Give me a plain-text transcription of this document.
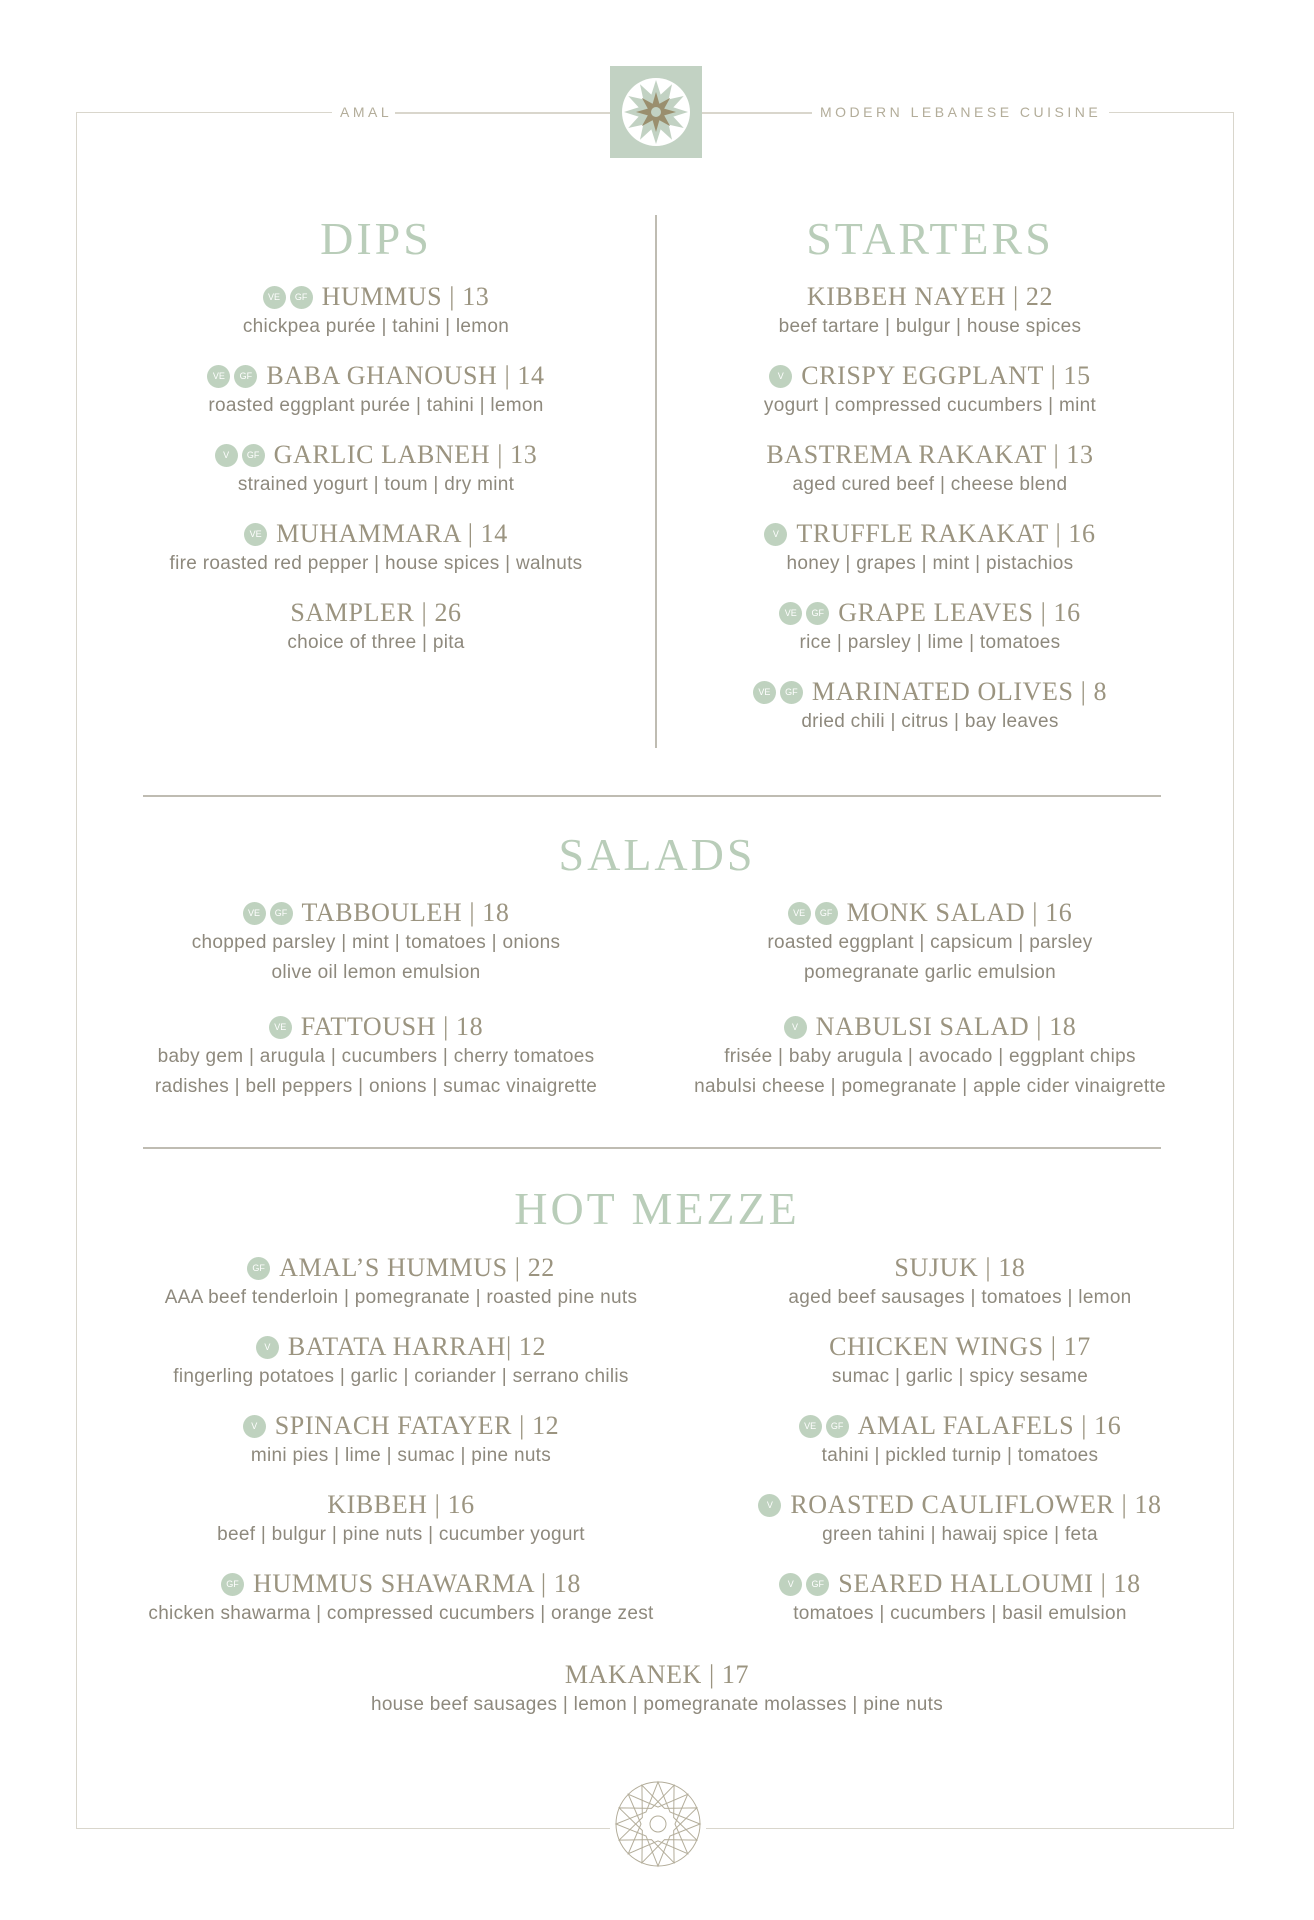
AMAL	MODERN LEBANESE CUISINE
DIPS	STARTERS
VE	GF HUMMUS | 13
chickpea purée | tahini | lemon
VE	GF BABA GHANOUSH | 14
roasted eggplant purée | tahini | lemon
V	GF GARLIC LABNEH | 13
strained yogurt | toum | dry mint
VE MUHAMMARA | 14
fire roasted red pepper | house spices | walnuts
SAMPLER | 26
choice of three | pita
KIBBEH NAYEH | 22
beef tartare | bulgur | house spices
V CRISPY EGGPLANT | 15
yogurt | compressed cucumbers | mint
BASTREMA RAKAKAT | 13
aged cured beef | cheese blend
V TRUFFLE RAKAKAT | 16
honey | grapes | mint | pistachios
VE	GF GRAPE LEAVES | 16
rice | parsley | lime | tomatoes
VE	GF MARINATED OLIVES | 8
dried chili | citrus | bay leaves
SALADS
VE	GF TABBOULEH | 18
chopped parsley | mint | tomatoes | onions
olive oil lemon emulsion
VE FATTOUSH | 18
baby gem | arugula | cucumbers | cherry tomatoes
radishes | bell peppers | onions | sumac vinaigrette
VE	GF MONK SALAD | 16
roasted eggplant | capsicum | parsley
pomegranate garlic emulsion
V NABULSI SALAD | 18
frisée | baby arugula | avocado | eggplant chips
nabulsi cheese | pomegranate | apple cider vinaigrette
HOT MEZZE
GF AMAL’S HUMMUS | 22
AAA beef tenderloin | pomegranate | roasted pine nuts
V BATATA HARRAH| 12
fingerling potatoes | garlic | coriander | serrano chilis
V SPINACH FATAYER | 12
mini pies | lime | sumac | pine nuts
KIBBEH | 16
beef | bulgur | pine nuts | cucumber yogurt
GF HUMMUS SHAWARMA | 18
chicken shawarma | compressed cucumbers | orange zest
SUJUK | 18
aged beef sausages | tomatoes | lemon
CHICKEN WINGS | 17
sumac | garlic | spicy sesame
VE	GF AMAL FALAFELS | 16
tahini | pickled turnip | tomatoes
V ROASTED CAULIFLOWER | 18
green tahini | hawaij spice | feta
V	GF SEARED HALLOUMI | 18
tomatoes | cucumbers | basil emulsion
MAKANEK | 17
house beef sausages | lemon | pomegranate molasses | pine nuts
